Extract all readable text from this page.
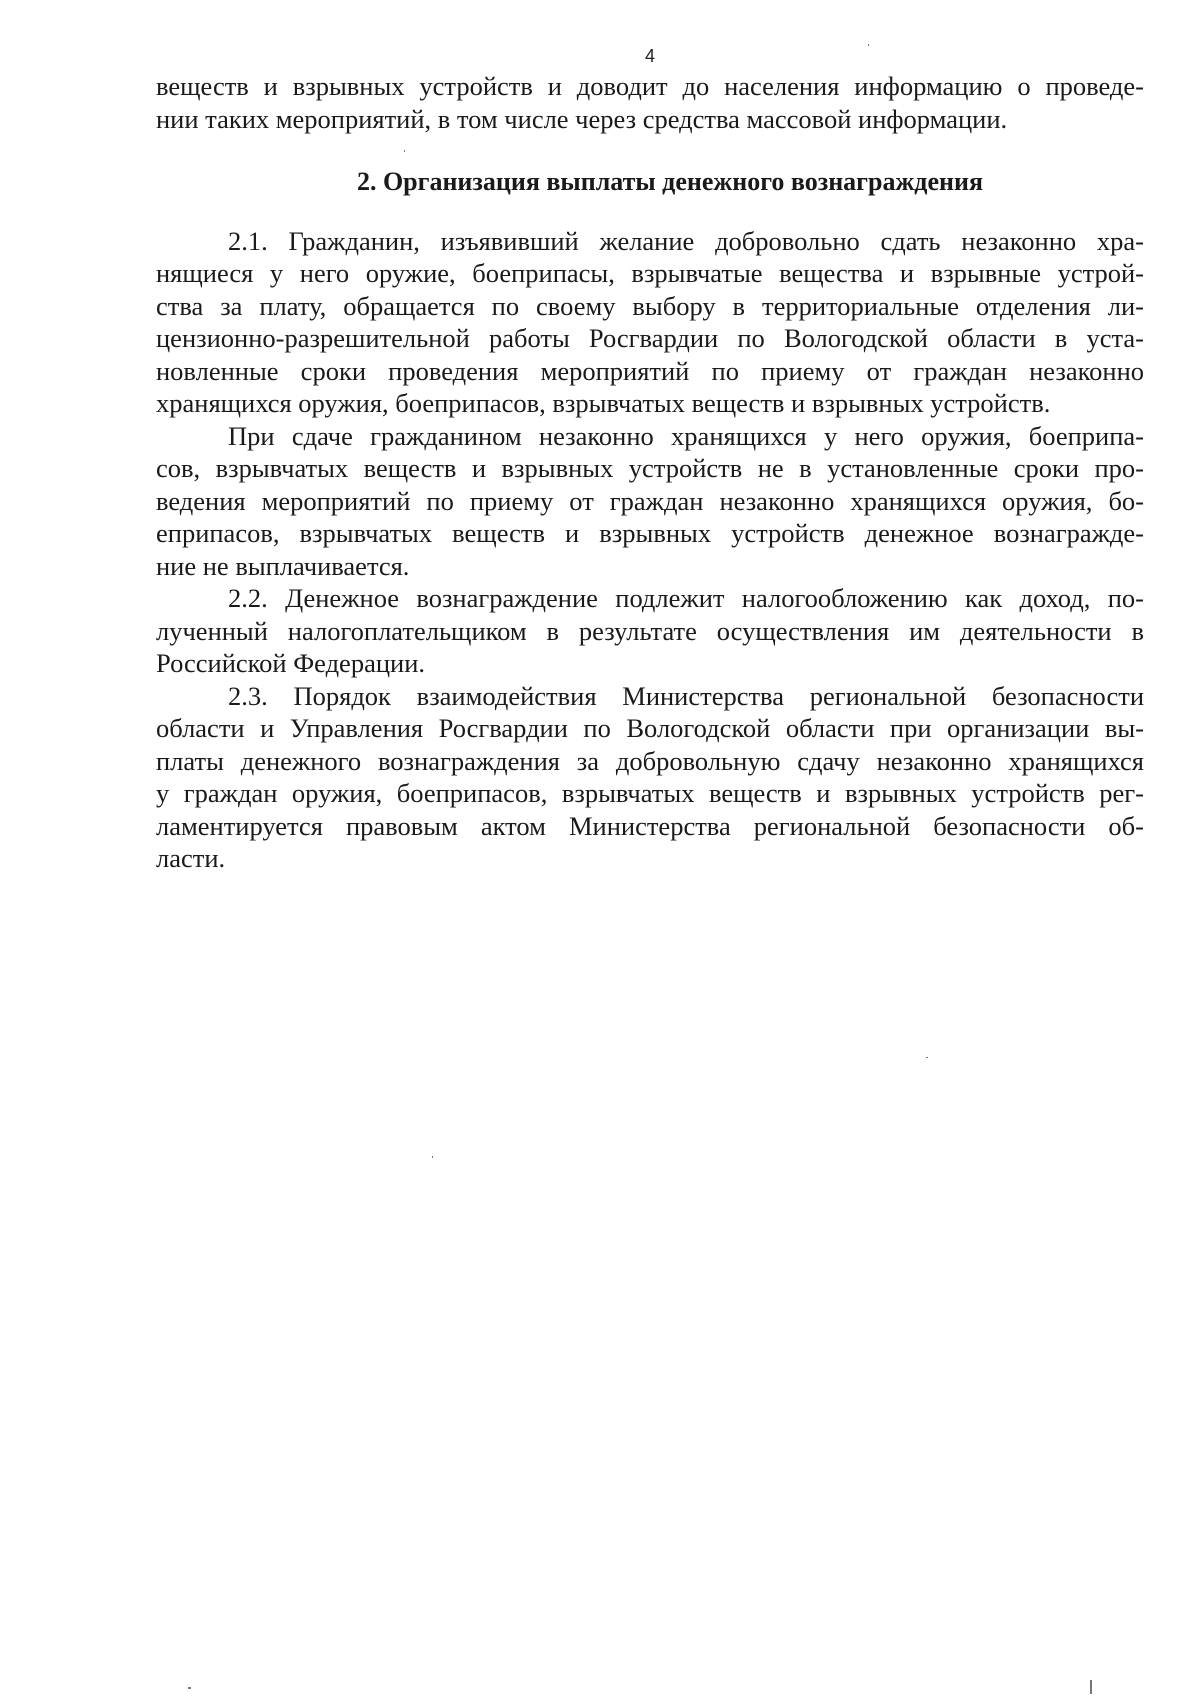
4
веществ и взрывных устройств и доводит до населения информацию о проведе-
нии таких мероприятий, в том числе через средства массовой информации.
2. Организация выплаты денежного вознаграждения
2.1. Гражданин, изъявивший желание добровольно сдать незаконно хра-
нящиеся у него оружие, боеприпасы, взрывчатые вещества и взрывные устрой-
ства за плату, обращается по своему выбору в территориальные отделения ли-
цензионно-разрешительной работы Росгвардии по Вологодской области в уста-
новленные сроки проведения мероприятий по приему от граждан незаконно
хранящихся оружия, боеприпасов, взрывчатых веществ и взрывных устройств.
При сдаче гражданином незаконно хранящихся у него оружия, боеприпа-
сов, взрывчатых веществ и взрывных устройств не в установленные сроки про-
ведения мероприятий по приему от граждан незаконно хранящихся оружия, бо-
еприпасов, взрывчатых веществ и взрывных устройств денежное вознагражде-
ние не выплачивается.
2.2. Денежное вознаграждение подлежит налогообложению как доход, по-
лученный налогоплательщиком в результате осуществления им деятельности в
Российской Федерации.
2.3. Порядок взаимодействия Министерства региональной безопасности
области и Управления Росгвардии по Вологодской области при организации вы-
платы денежного вознаграждения за добровольную сдачу незаконно хранящихся
у граждан оружия, боеприпасов, взрывчатых веществ и взрывных устройств рег-
ламентируется правовым актом Министерства региональной безопасности об-
ласти.
